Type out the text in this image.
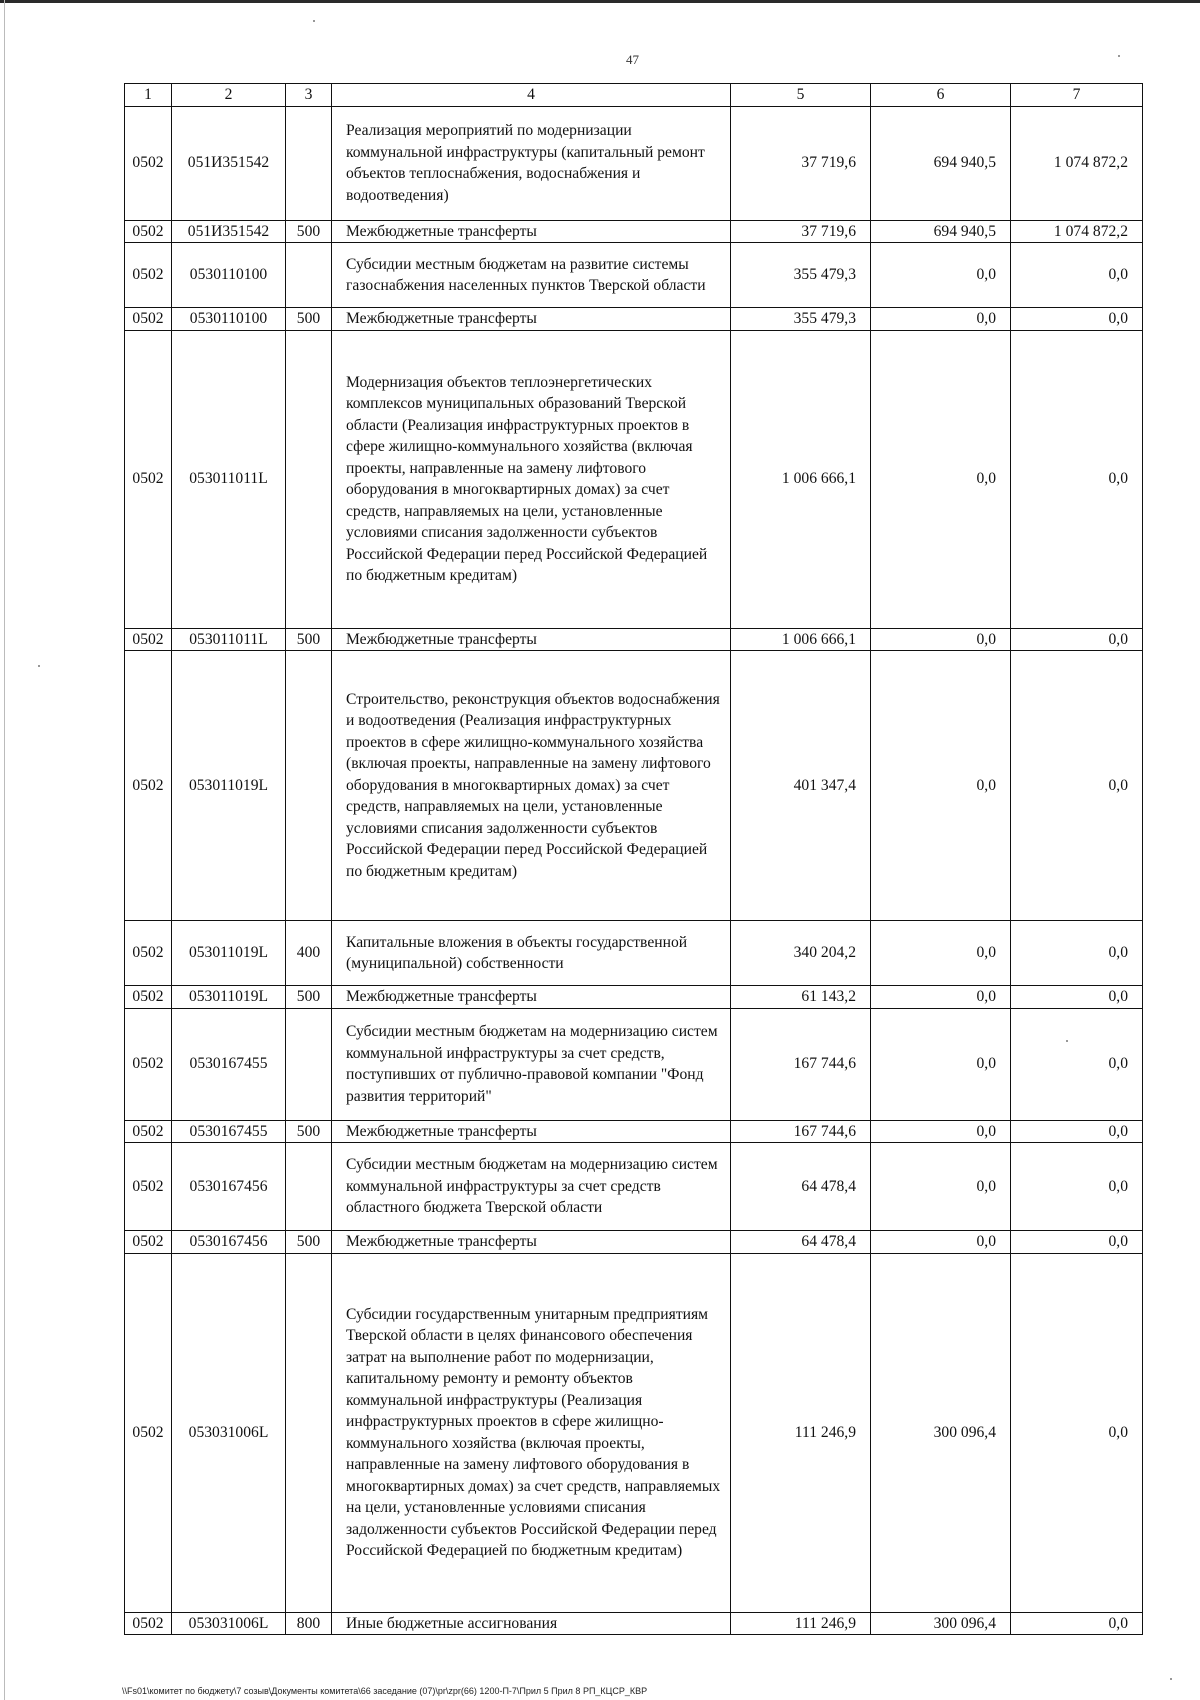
47
1	2	3	4	5	6	7
0502	051И351542		Реализация мероприятий по модернизации коммунальной инфраструктуры (капитальный ремонт объектов теплоснабжения, водоснабжения и водоотведения)	37 719,6	694 940,5	1 074 872,2
0502	051И351542	500	Межбюджетные трансферты	37 719,6	694 940,5	1 074 872,2
0502	0530110100		Субсидии местным бюджетам на развитие системы газоснабжения населенных пунктов Тверской области	355 479,3	0,0	0,0
0502	0530110100	500	Межбюджетные трансферты	355 479,3	0,0	0,0
0502	053011011L		Модернизация объектов теплоэнергетических комплексов муниципальных образований Тверской области (Реализация инфраструктурных проектов в сфере жилищно-коммунального хозяйства (включая проекты, направленные на замену лифтового оборудования в многоквартирных домах) за счет средств, направляемых на цели, установленные условиями списания задолженности субъектов Российской Федерации перед Российской Федерацией по бюджетным кредитам)	1 006 666,1	0,0	0,0
0502	053011011L	500	Межбюджетные трансферты	1 006 666,1	0,0	0,0
0502	053011019L		Строительство, реконструкция объектов водоснабжения и водоотведения (Реализация инфраструктурных проектов в сфере жилищно-коммунального хозяйства (включая проекты, направленные на замену лифтового оборудования в многоквартирных домах) за счет средств, направляемых на цели, установленные условиями списания задолженности субъектов Российской Федерации перед Российской Федерацией по бюджетным кредитам)	401 347,4	0,0	0,0
0502	053011019L	400	Капитальные вложения в объекты государственной (муниципальной) собственности	340 204,2	0,0	0,0
0502	053011019L	500	Межбюджетные трансферты	61 143,2	0,0	0,0
0502	0530167455		Субсидии местным бюджетам на модернизацию систем коммунальной инфраструктуры за счет средств, поступивших от публично-правовой компании "Фонд развития территорий"	167 744,6	0,0	0,0
0502	0530167455	500	Межбюджетные трансферты	167 744,6	0,0	0,0
0502	0530167456		Субсидии местным бюджетам на модернизацию систем коммунальной инфраструктуры за счет средств областного бюджета Тверской области	64 478,4	0,0	0,0
0502	0530167456	500	Межбюджетные трансферты	64 478,4	0,0	0,0
0502	053031006L		Субсидии государственным унитарным предприятиям Тверской области в целях финансового обеспечения затрат на выполнение работ по модернизации, капитальному ремонту и ремонту объектов коммунальной инфраструктуры (Реализация инфраструктурных проектов в сфере жилищно-коммунального хозяйства (включая проекты, направленные на замену лифтового оборудования в многоквартирных домах) за счет средств, направляемых на цели, установленные условиями списания задолженности субъектов Российской Федерации перед Российской Федерацией по бюджетным кредитам)	111 246,9	300 096,4	0,0
0502	053031006L	800	Иные бюджетные ассигнования	111 246,9	300 096,4	0,0
\\Fs01\комитет по бюджету\7 созыв\Документы комитета\66 заседание (07)\pr\zpr(66) 1200-П-7\Прил 5 Прил 8 РП_КЦСР_КВР
